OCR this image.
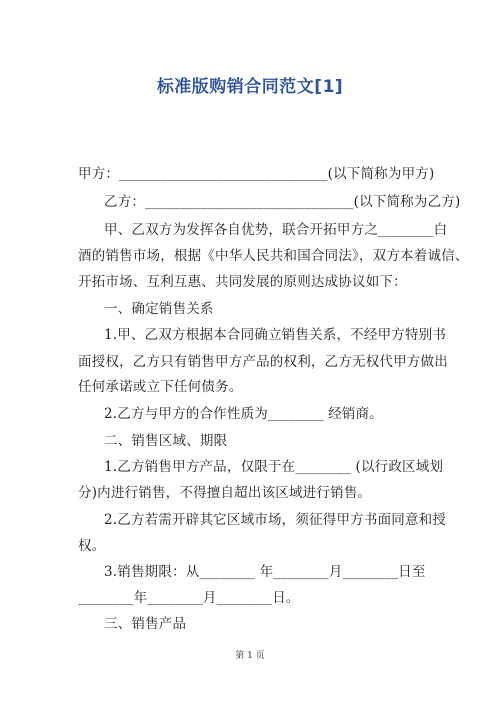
标准版购销合同范文[1]
甲方：______________________________(以下简称为甲方)
乙方：______________________________(以下简称为乙方)
甲、乙双方为发挥各自优势，联合开拓甲方之________白
酒的销售市场，根据《中华人民共和国合同法》，双方本着诚信、
开拓市场、互利互惠、共同发展的原则达成协议如下：
一、确定销售关系
1.甲、乙双方根据本合同确立销售关系，不经甲方特别书
面授权，乙方只有销售甲方产品的权利，乙方无权代甲方做出
任何承诺或立下任何债务。
2.乙方与甲方的合作性质为________ 经销商。
二、销售区域、期限
1.乙方销售甲方产品，仅限于在________ (以行政区域划
分)内进行销售，不得擅自超出该区域进行销售。
2.乙方若需开辟其它区域市场，须征得甲方书面同意和授
权。
3.销售期限：从________ 年________月________日至
________年________月________日。
三、销售产品
第 1 页
